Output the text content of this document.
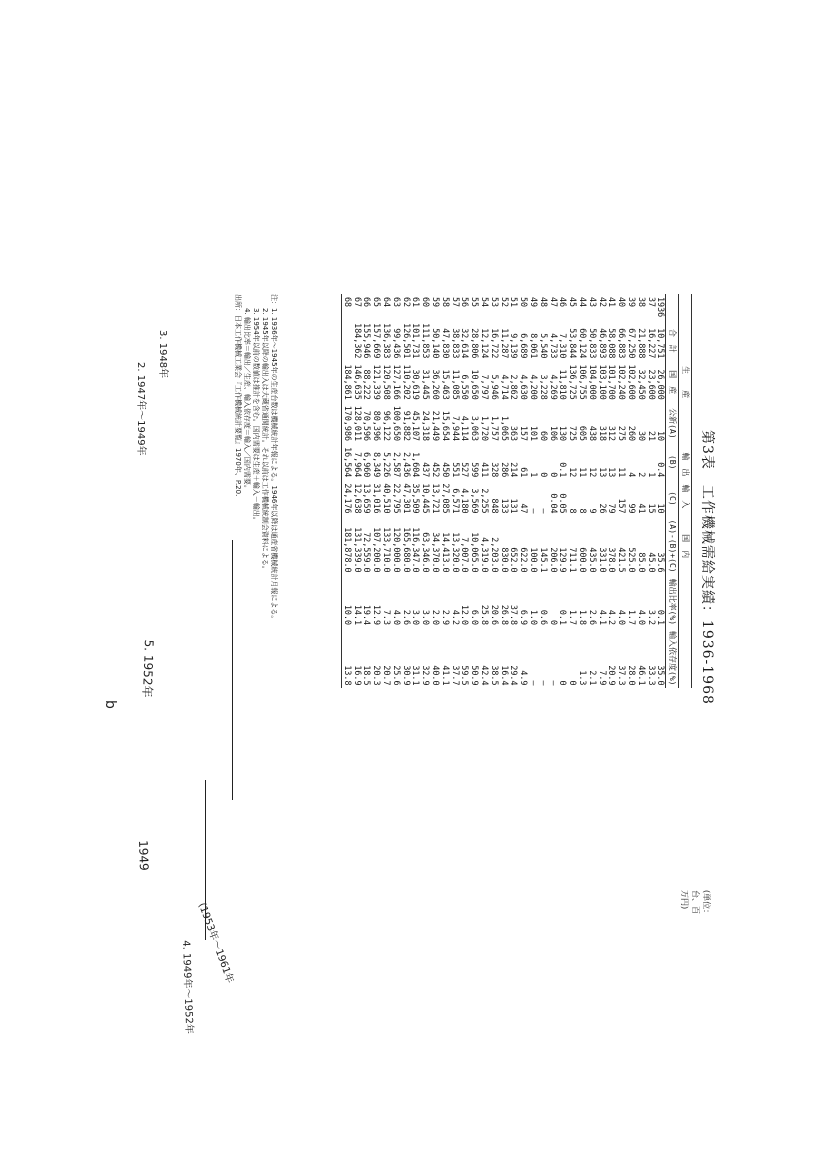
第3表　工作機械需給実績：1936-1968
(単位：台、百万円)
	生　　産			輸　出　輸　入		国　内		
	合　計	国　産	公新(A)	(B)	(C)	(A)-(B)+(C)	輸出比率(%)	輸入依存度(%)
1936	10,751	26,000	10	0.4	10	35.6	0.1	35.0
37	16,227	23,600	21	1	15	45.0	3.2	33.3
38	21,888	32,450	30	2	41	85.0	4.0	46.1
39	67,250	102,600	260	4	99	525.0	1.7	28.0
40	66,883	102,240	275	11	157	421.5	4.0	37.3
41	58,088	101,700	312	13	79	378.0	4.2	20.9
42	46,893	103,100	318	13	26	331.0	4.1	7.9
43	50,833	104,000	438	12	9	435.0	2.6	2.1
44	60,124	106,755	605	11	8	600.0	1.8	1.3
45	53,844	136,725	725	12	8	711.1	1.7	0
46	7,310	11,810	130	0.1	0.05	129.9	0.1	0
47	4,733	4,269	106	0	0.04	206.0	0	—
48	5,540	3,228	60	0	—	145.1	0.6	—
49	8,061	4,200	101	1	—	100.0	1.0	—
50	6,689	4,630	157	61	47	622.0	6.9	4.9
51	9,139	2,862	363	214	131	652.0	37.8	29.4
52	11,287	4,714	1,065	286	133	830.0	26.8	16.4
53	16,722	5,946	1,757	328	848	2,203.0	20.6	38.5
54	12,124	7,797	1,720	411	2,255	4,319.0	25.8	42.4
55	28,806	10,650	3,063	599	3,569	10,065.0	6.0	50.9
56	32,614	6,550	4,114	527	4,180	7,007.0	12.0	59.5
57	38,833	11,085	7,944	551	6,571	13,320.0	4.2	37.7
58	47,830	15,463	15,654	450	27,085	14,413.0	2.9	41.1
59	50,140	36,260	21,449	452	13,721	34,370.0	2.0	40.0
60	111,853	31,445	24,318	437	10,445	63,346.0	3.0	32.9
61	101,731	30,619	45,107	1,604	35,509	116,347.0	3.0	31.1
62	126,501	110,202	91,882	2,436	47,301	165,680.0	2.6	30.9
63	99,436	127,166	100,650	2,587	22,795	120,000.0	4.0	25.6
64	136,383	120,508	96,122	5,226	40,510	133,710.0	7.3	20.7
65	157,669	121,339	80,396	8,349	31,016	107,200.0	12.9	20.3
66	155,946	88,222	70,596	6,960	13,659	72,559.0	19.4	18.5
67	184,362	146,635	128,011	7,964	12,638	131,339.0	14.1	16.9
68		184,861	170,986	16,564	24,176	181,878.0	10.0	13.8
注：1. 1936年～1945年の生産台数は機械統計年報による。1946年以降は通産省機械統計月報による。
　　2. 1945年以降の輸出入は大蔵省通関統計。それ以前は工作機械統制会資料による。
　　3. 1954年以前の数値は推計を含む。国内需要は生産＋輸入－輸出。
　　4. 輸出比率＝輸出／生産、輸入依存度＝輸入／国内需要。
出所：日本工作機械工業会『工作機械統計要覧』1970年、P.20.
1949
5. 1952年
b
(1953年～1961年
4. 1949年～1952年
2. 1947年～1949年
3. 1948年
